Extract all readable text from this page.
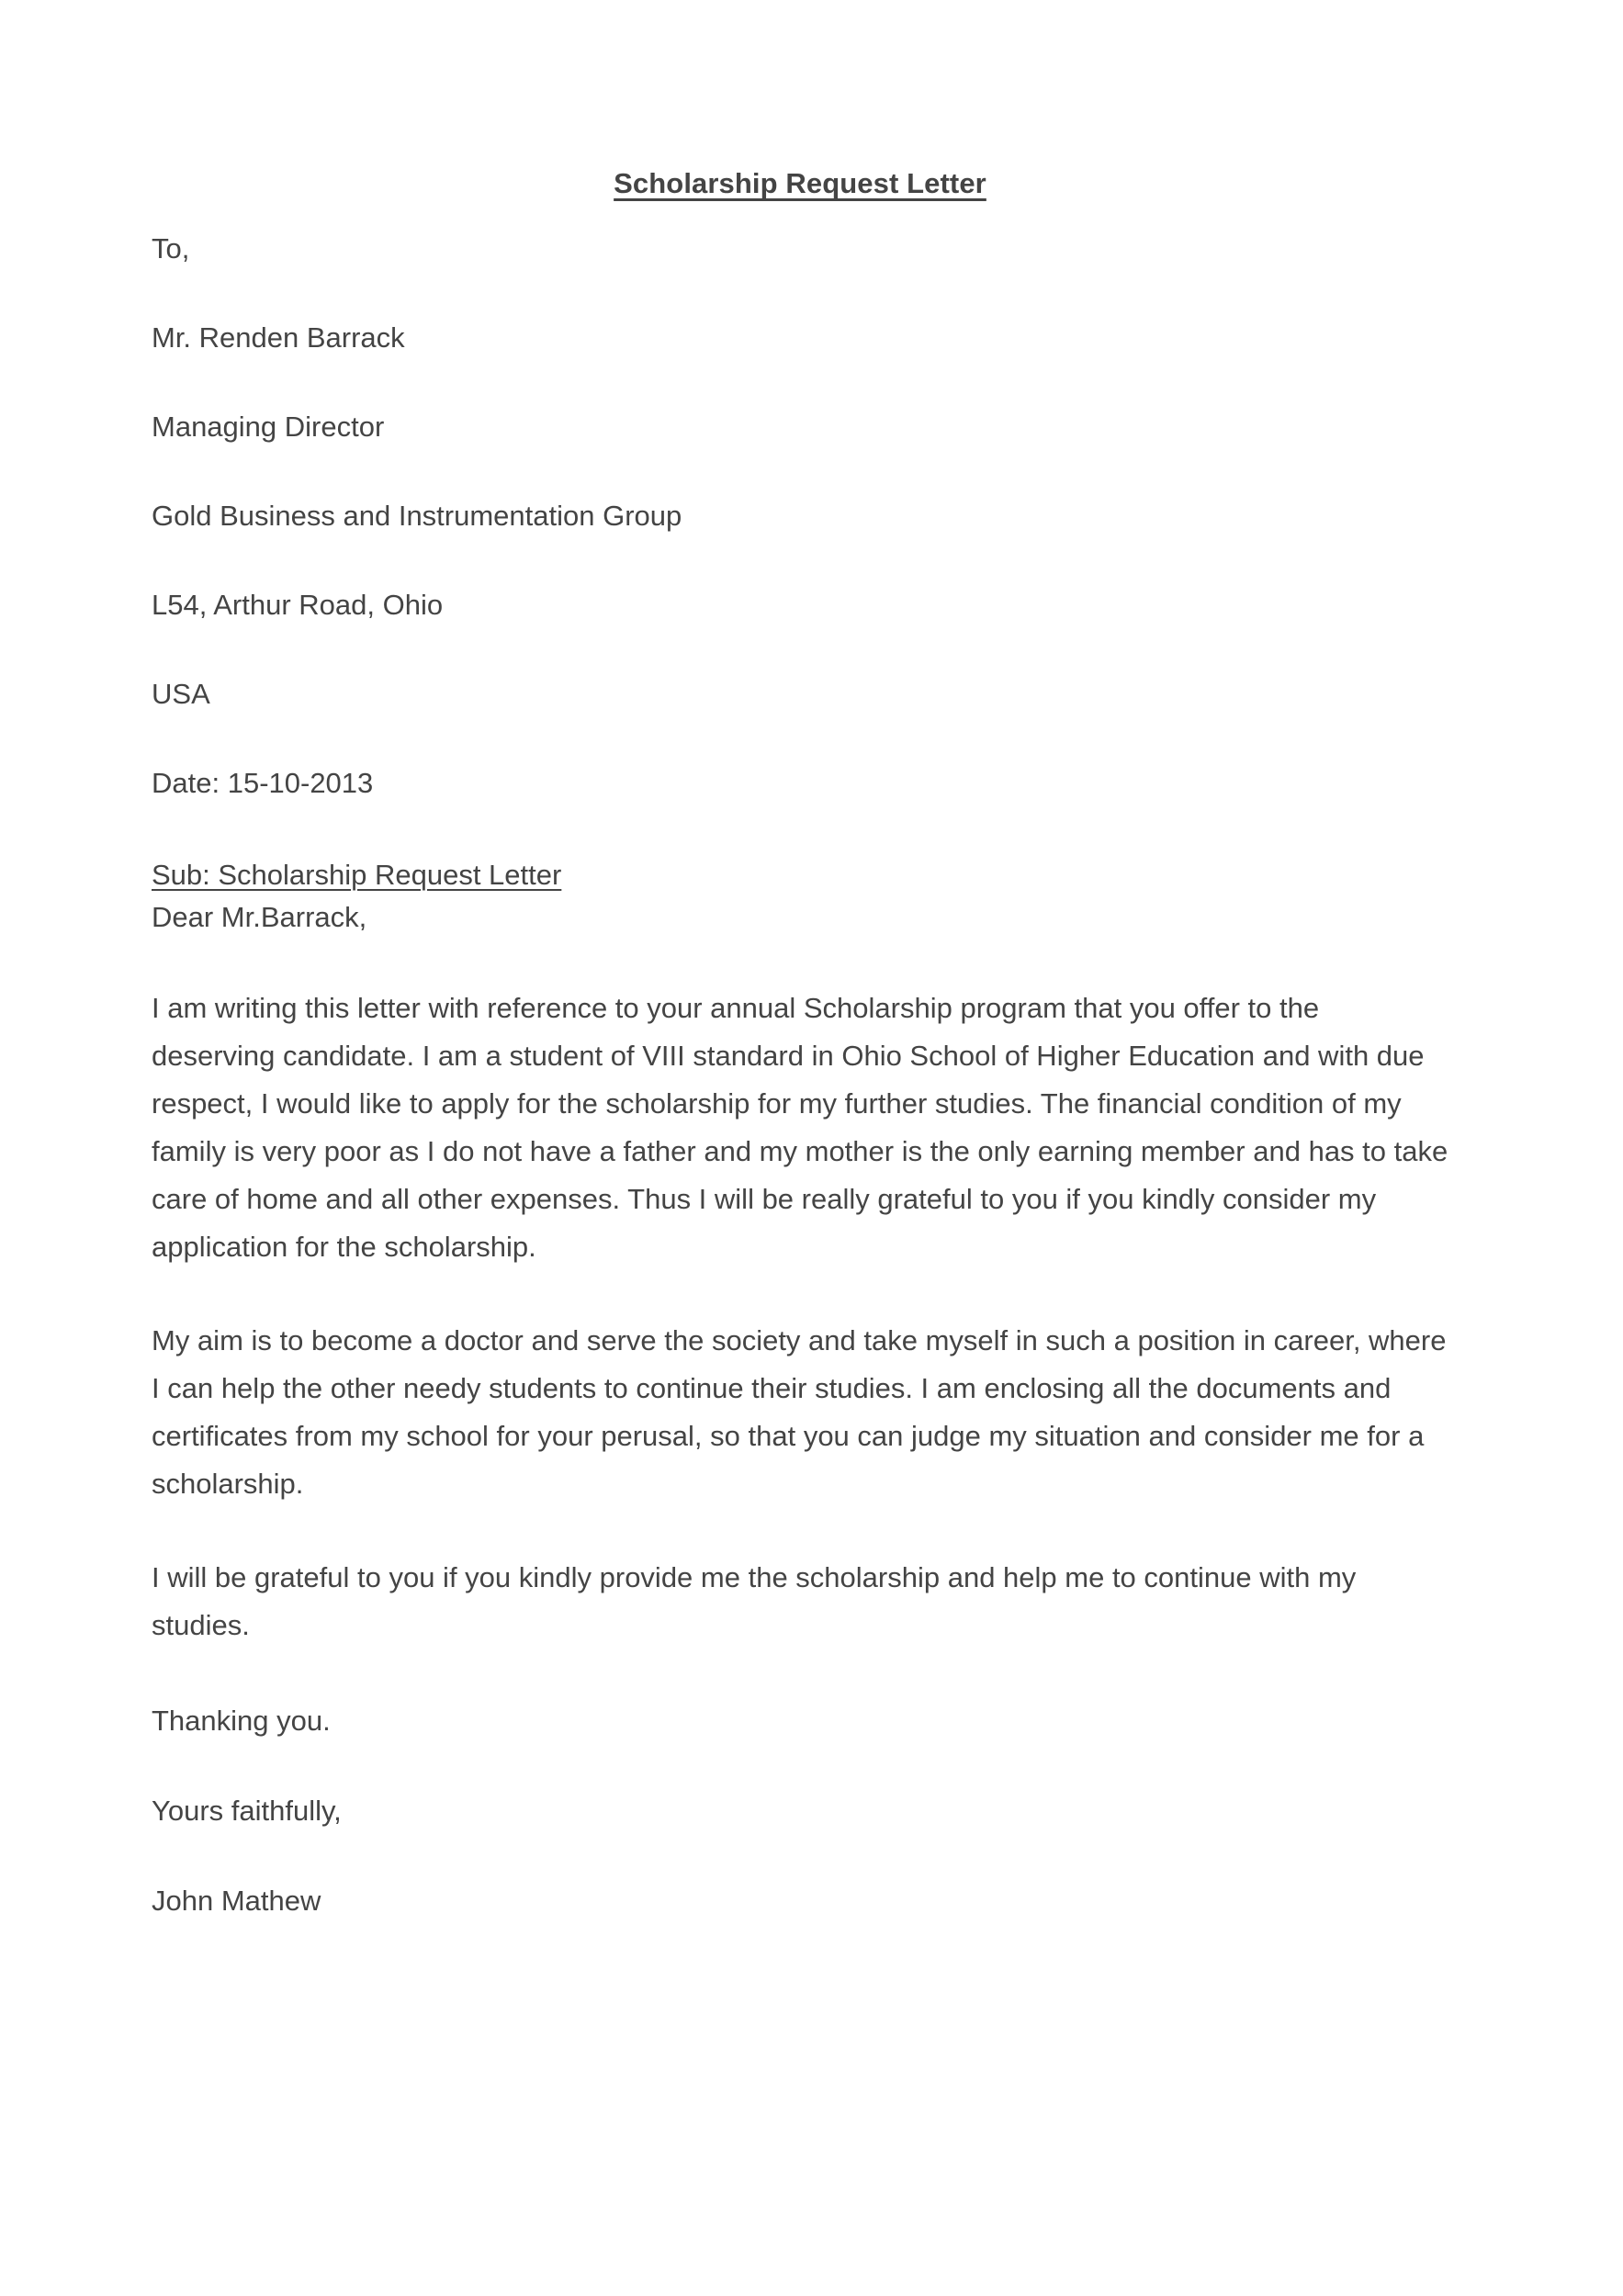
Scholarship Request Letter

To,

Mr. Renden Barrack

Managing Director

Gold Business and Instrumentation Group

L54, Arthur Road, Ohio

USA

Date: 15-10-2013

Sub: Scholarship Request Letter

Dear Mr.Barrack,

I am writing this letter with reference to your annual Scholarship program that you offer to the deserving candidate. I am a student of VIII standard in Ohio School of Higher Education and with due respect, I would like to apply for the scholarship for my further studies. The financial condition of my family is very poor as I do not have a father and my mother is the only earning member and has to take care of home and all other expenses. Thus I will be really grateful to you if you kindly consider my application for the scholarship.

My aim is to become a doctor and serve the society and take myself in such a position in career, where I can help the other needy students to continue their studies. I am enclosing all the documents and certificates from my school for your perusal, so that you can judge my situation and consider me for a scholarship.

I will be grateful to you if you kindly provide me the scholarship and help me to continue with my studies.

Thanking you.

Yours faithfully,

John Mathew
